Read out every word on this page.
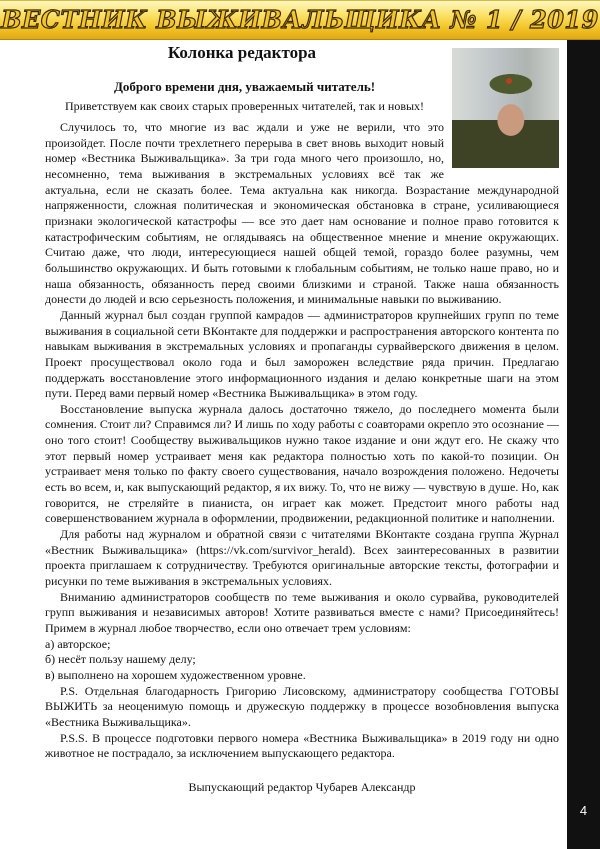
ВЕСТНИК ВЫЖИВАЛЬЩИКА № 1 / 2019
4
Колонка редактора
Доброго времени дня, уважаемый читатель!
Приветствуем как своих старых проверенных читателей, так и новых!

Случилось то, что многие из вас ждали и уже не верили, что это произойдет. После почти трехлетнего перерыва в свет вновь выходит новый номер «Вестника Выживальщика». За три года много чего произошло, но, несомненно, тема выживания в экстремальных условиях всё так же актуальна, если не сказать более. Тема актуальна как никогда. Возрастание международной напряженности, сложная политическая и экономическая обстановка в стране, усиливающиеся признаки экологической катастрофы — все это дает нам основание и полное право готовится к катастрофическим событиям, не оглядываясь на общественное мнение и мнение окружающих. Считаю даже, что люди, интересующиеся нашей общей темой, гораздо более разумны, чем большинство окружающих. И быть готовыми к глобальным событиям, не только наше право, но и наша обязанность, обязанность перед своими близкими и страной. Также наша обязанность донести до людей и всю серьезность положения, и минимальные навыки по выживанию.

Данный журнал был создан группой камрадов — администраторов крупнейших групп по теме выживания в социальной сети ВКонтакте для поддержки и распространения авторского контента по навыкам выживания в экстремальных условиях и пропаганды сурвайверского движения в целом. Проект просуществовал около года и был заморожен вследствие ряда причин. Предлагаю поддержать восстановление этого информационного издания и делаю конкретные шаги на этом пути. Перед вами первый номер «Вестника Выживальщика» в этом году.

Восстановление выпуска журнала далось достаточно тяжело, до последнего момента были сомнения. Стоит ли? Справимся ли? И лишь по ходу работы с соавторами окрепло это осознание — оно того стоит! Сообществу выживальщиков нужно такое издание и они ждут его. Не скажу что этот первый номер устраивает меня как редактора полностью хоть по какой-то позиции. Он устраивает меня только по факту своего существования, начало возрождения положено. Недочеты есть во всем, и, как выпускающий редактор, я их вижу. То, что не вижу — чувствую в душе. Но, как говорится, не стреляйте в пианиста, он играет как может. Предстоит много работы над совершенствованием журнала в оформлении, продвижении, редакционной политике и наполнении.

Для работы над журналом и обратной связи с читателями ВКонтакте создана группа Журнал «Вестник Выживальщика» (https://vk.com/survivor_herald). Всех заинтересованных в развитии проекта приглашаем к сотрудничеству. Требуются оригинальные авторские тексты, фотографии и рисунки по теме выживания в экстремальных условиях.

Вниманию администраторов сообществ по теме выживания и около сурвайва, руководителей групп выживания и независимых авторов! Хотите развиваться вместе с нами? Присоединяйтесь! Примем в журнал любое творчество, если оно отвечает трем условиям:

а) авторское;

б) несёт пользу нашему делу;

в) выполнено на хорошем художественном уровне.

P.S. Отдельная благодарность Григорию Лисовскому, администратору сообщества ГОТОВЫ ВЫЖИТЬ за неоценимую помощь и дружескую поддержку в процессе возобновления выпуска «Вестника Выживальщика».

P.S.S. В процессе подготовки первого номера «Вестника Выживальщика» в 2019 году ни одно животное не пострадало, за исключением выпускающего редактора.

Выпускающий редактор Чубарев Александр
